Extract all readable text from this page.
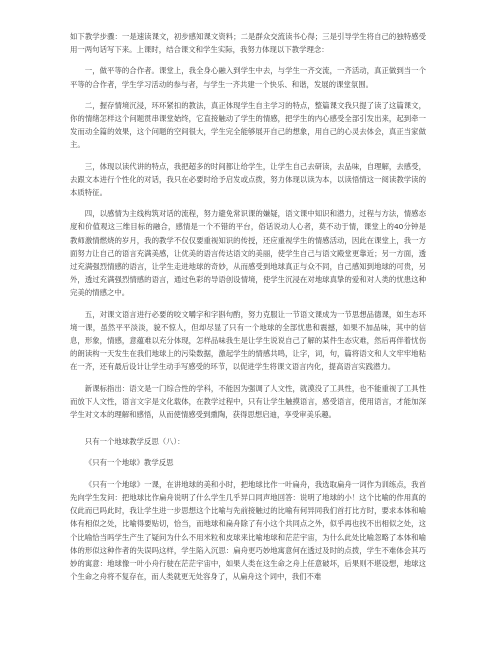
如下教学步骤：一是速读课文，初步感知课文资料；二是群众交流读书心得；三是引导学生将自己的独特感受用一两句话写下来。上课时，结合课文和学生实际，我努力体现以下教学理念：

一，做平等的合作者。课堂上，我全身心融入到学生中去，与学生一齐交流，一齐活动，真正做到当一个平等的合作者，学生学习活动的参与者，与学生一齐共建一个快乐、和谐，发展的课堂氛围。

二，握存情境沉浸，环环紧扣的教法，真正体现学生自主学习的特点，整篇课文我只提了读了这篇课文，你的情绪怎样这个问题贯串课堂始终，它直接触动了学生的情感，把学生的内心感受全部引发出来，起到牵一发而动全篇的效果，这个问题的空间很大，学生完全能够展开自己的想象，用自己的心灵去体会，真正当家做主。

三，体现以读代讲的特点，我把超多的时间都让给学生，让学生自己去研读，去品味，自理解，去感受，去跟文本进行个性化的对话，我只在必要时给予启发或点拨，努力体现以读为本，以读悟情这一阅读教学读的本质特征。

四，以感情为主线构筑对话的流程，努力避免常识课的嫌疑，语文课中知识和潜力，过程与方法，情感态度和价值观这三维目标的融合，感情是一个不错的平台，俗话说动人心者，莫不动于情，课堂上的40分钟是教师激情燃烧的岁月，我的教学不仅仅要重视知识的传授，还应重视学生的情感活动，因此在课堂上，我一方面努力让自己的语言充满美感，让优美的语言传达语文的美丽，使学生自己与语文殿堂更靠近；另一方面，透过充满强烈情感的语言，让学生走进地球的奇妙，从而感受到地球真正与众不同，自己感知到地球的可贵，另外，透过充满强烈情感的语言，通过色彩的导语创设情境，使学生沉浸在对地球真挚的爱和对人类的忧患这种完美的情感之中。

五，对课文语言进行必要的咬文嚼字和字斟句酌，努力克服让一节语文课成为一节思想品德课，如生态环境一课，虽然平平淡淡，貌不惊人，但却尽显了只有一个地球的全部忧患和震撼，如果不加品味，其中的信息，形象，情感，意蕴难以充分体现，怎样品味我生是让学生说说自己了解的某件生态灾难，然后再伴着忧伤的朗读构一天发生在我们地球上的污染数据，激起学生的情感共鸣，让字，词，句，篇将语文和人文牢牢地粘在一齐，还有最后设计让学生动手写感受的环节，以促进学生将课文语言内化，提高语言实践潜力。

新课标指出：语文是一门综合性的学科，不能因为强调了人文性，就漠没了工具性，也不能重视了工具性而放下人文性，语言文字是文化载体，在教学过程中，只有让学生触摸语言，感受语言，使用语言，才能加深学生对文本的理解和感悟，从而使情感受到熏陶，获得思想启迪，享受审美乐趣。

只有一个地球教学反思（八）：

《只有一个地球》教学反思

《只有一个地球》一课，在讲地球的美和小时，把地球比作一叶扁舟，我选取扁舟一词作为训练点，我首先向学生发问：把地球比作扁舟说明了什么学生几乎异口同声地回答：说明了地球的小！这个比喻的作用真的仅此而已吗此时，我让学生进一步思想这个比喻与先前接触过的比喻有何异同我们首打比方时，要求本体和喻体有相似之处，比喻得要贴切，恰当，而地球和扁舟除了有小这个共同点之外，似乎再也找不出相似之处，这个比喻恰当吗学生产生了疑问为什么不用米粒和皮球来比喻地球和茫茫宇宙，为什么此处比喻忽略了本体和喻体的形似这种作者的失误吗这样，学生陷入沉思：扁舟更巧妙地寓意何在透过及时的点拨，学生不难体会其巧妙的寓意：地球像一叶小舟行驶在茫茫宇宙中，如果人类在这生命之舟上任意破坏，后果则不堪设想，地球这个生命之舟将不复存在，而人类就更无处容身了，从扁舟这个词中，我们不难
